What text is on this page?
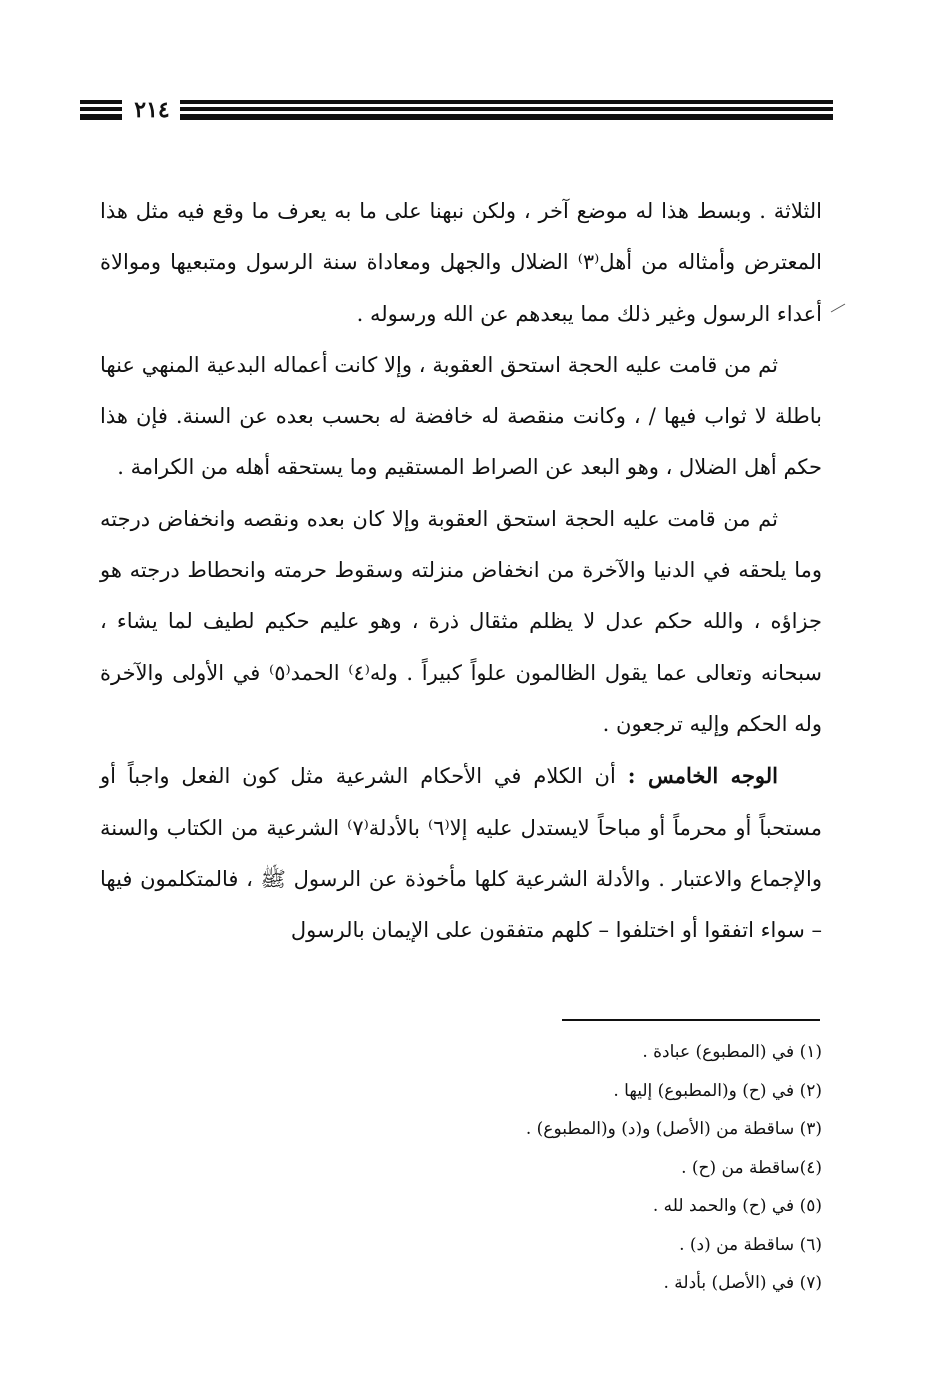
٢١٤

الثلاثة . وبسط هذا له موضع آخر ، ولكن نبهنا على ما به يعرف ما وقع فيه مثل هذا المعترض وأمثاله من أهل⁽٣⁾ الضلال والجهل ومعاداة سنة الرسول ومتبعيها وموالاة أعداء الرسول وغير ذلك مما يبعدهم عن الله ورسوله .

ثم من قامت عليه الحجة استحق العقوبة ، وإلا كانت أعماله البدعية المنهي عنها باطلة لا ثواب فيها / ، وكانت منقصة له خافضة له بحسب بعده عن السنة. فإن هذا حكم أهل الضلال ، وهو البعد عن الصراط المستقيم وما يستحقه أهله من الكرامة .

ثم من قامت عليه الحجة استحق العقوبة وإلا كان بعده ونقصه وانخفاض درجته وما يلحقه في الدنيا والآخرة من انخفاض منزلته وسقوط حرمته وانحطاط درجته هو جزاؤه ، والله حكم عدل لا يظلم مثقال ذرة ، وهو عليم حكيم لطيف لما يشاء ، سبحانه وتعالى عما يقول الظالمون علواً كبيراً . وله⁽٤⁾ الحمد⁽٥⁾ في الأولى والآخرة وله الحكم وإليه ترجعون .

الوجه الخامس : أن الكلام في الأحكام الشرعية مثل كون الفعل واجباً أو مستحباً أو محرماً أو مباحاً لايستدل عليه إلا⁽٦⁾ بالأدلة⁽٧⁾ الشرعية من الكتاب والسنة والإجماع والاعتبار . والأدلة الشرعية كلها مأخوذة عن الرسول ﷺ ، فالمتكلمون فيها – سواء اتفقوا أو اختلفوا – كلهم متفقون على الإيمان بالرسول

(١) في (المطبوع) عبادة .
(٢) في (ح) و(المطبوع) إليها .
(٣) ساقطة من (الأصل) و(د) و(المطبوع) .
(٤)ساقطة من (ح) .
(٥) في (ح) والحمد لله .
(٦) ساقطة من (د) .
(٧) في (الأصل) بأدلة .
